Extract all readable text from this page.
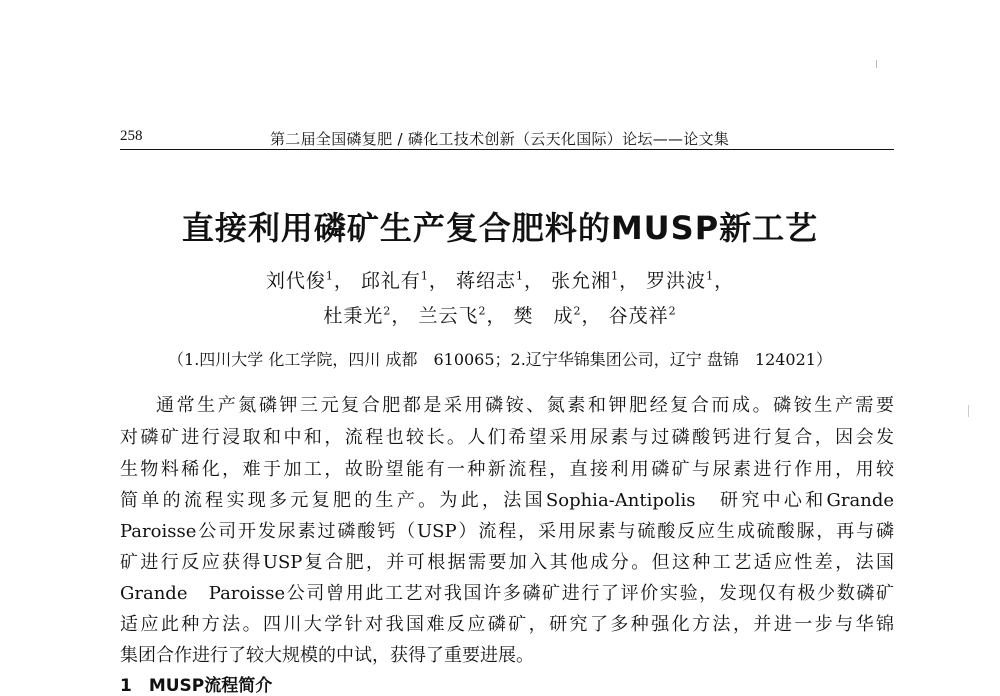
258	第二届全国磷复肥 / 磷化工技术创新（云天化国际）论坛——论文集
直接利用磷矿生产复合肥料的MUSP新工艺
刘代俊$^1$， 邱礼有$^1$， 蒋绍志$^1$， 张允湘$^1$， 罗洪波$^1$，
杜秉光$^2$， 兰云飞$^2$， 樊　成$^2$， 谷茂祥$^2$
（1.四川大学 化工学院，四川 成都　610065；2.辽宁华锦集团公司，辽宁 盘锦　124021）
通常生产氮磷钾三元复合肥都是采用磷铵、氮素和钾肥经复合而成。磷铵生产需要
对磷矿进行浸取和中和，流程也较长。人们希望采用尿素与过磷酸钙进行复合，因会发
生物料稀化，难于加工，故盼望能有一种新流程，直接利用磷矿与尿素进行作用，用较
简单的流程实现多元复肥的生产。为此，法国Sophia-Antipolis　研究中心和Grande
Paroisse公司开发尿素过磷酸钙（USP）流程，采用尿素与硫酸反应生成硫酸脲，再与磷
矿进行反应获得USP复合肥，并可根据需要加入其他成分。但这种工艺适应性差，法国
Grande　Paroisse公司曾用此工艺对我国许多磷矿进行了评价实验，发现仅有极少数磷矿
适应此种方法。四川大学针对我国难反应磷矿，研究了多种强化方法，并进一步与华锦
集团合作进行了较大规模的中试，获得了重要进展。
1　MUSP流程简介
